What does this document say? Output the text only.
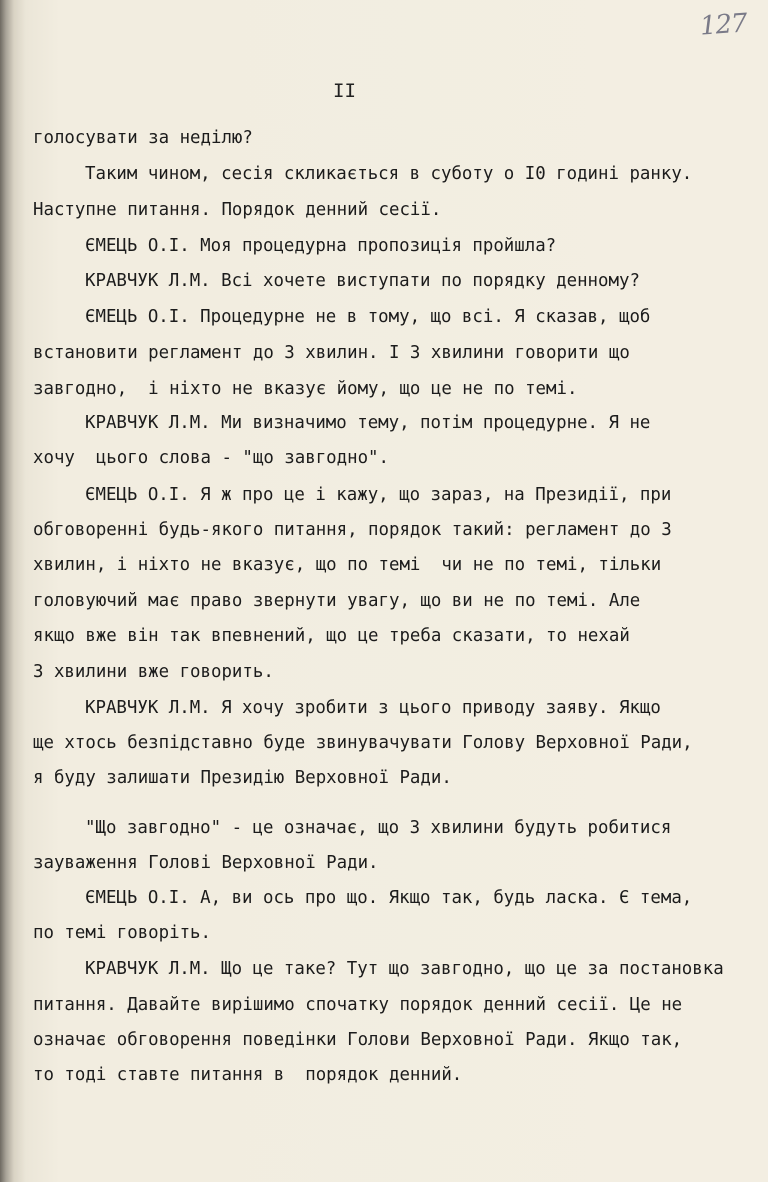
127
II
голосувати за неділю?
Таким чином, сесія скликається в суботу о I0 годині ранку.
Наступне питання. Порядок денний сесії.
ЄМЕЦЬ О.І. Моя процедурна пропозиція пройшла?
КРАВЧУК Л.М. Всі хочете виступати по порядку денному?
ЄМЕЦЬ О.І. Процедурне не в тому, що всі. Я сказав, щоб
встановити регламент до 3 хвилин. І 3 хвилини говорити що
завгодно,  і ніхто не вказує йому, що це не по темі.
КРАВЧУК Л.М. Ми визначимо тему, потім процедурне. Я не
хочу  цього слова - "що завгодно".
ЄМЕЦЬ О.І. Я ж про це і кажу, що зараз, на Президії, при
обговоренні будь-якого питання, порядок такий: регламент до 3
хвилин, і ніхто не вказує, що по темі  чи не по темі, тільки
головуючий має право звернути увагу, що ви не по темі. Але
якщо вже він так впевнений, що це треба сказати, то нехай
3 хвилини вже говорить.
КРАВЧУК Л.М. Я хочу зробити з цього приводу заяву. Якщо
ще хтось безпідставно буде звинувачувати Голову Верховної Ради,
я буду залишати Президію Верховної Ради.
"Що завгодно" - це означає, що 3 хвилини будуть робитися
зауваження Голові Верховної Ради.
ЄМЕЦЬ О.І. А, ви ось про що. Якщо так, будь ласка. Є тема,
по темі говоріть.
КРАВЧУК Л.М. Що це таке? Тут що завгодно, що це за постановка
питання. Давайте вирішимо спочатку порядок денний сесії. Це не
означає обговорення поведінки Голови Верховної Ради. Якщо так,
то тоді ставте питання в  порядок денний.
